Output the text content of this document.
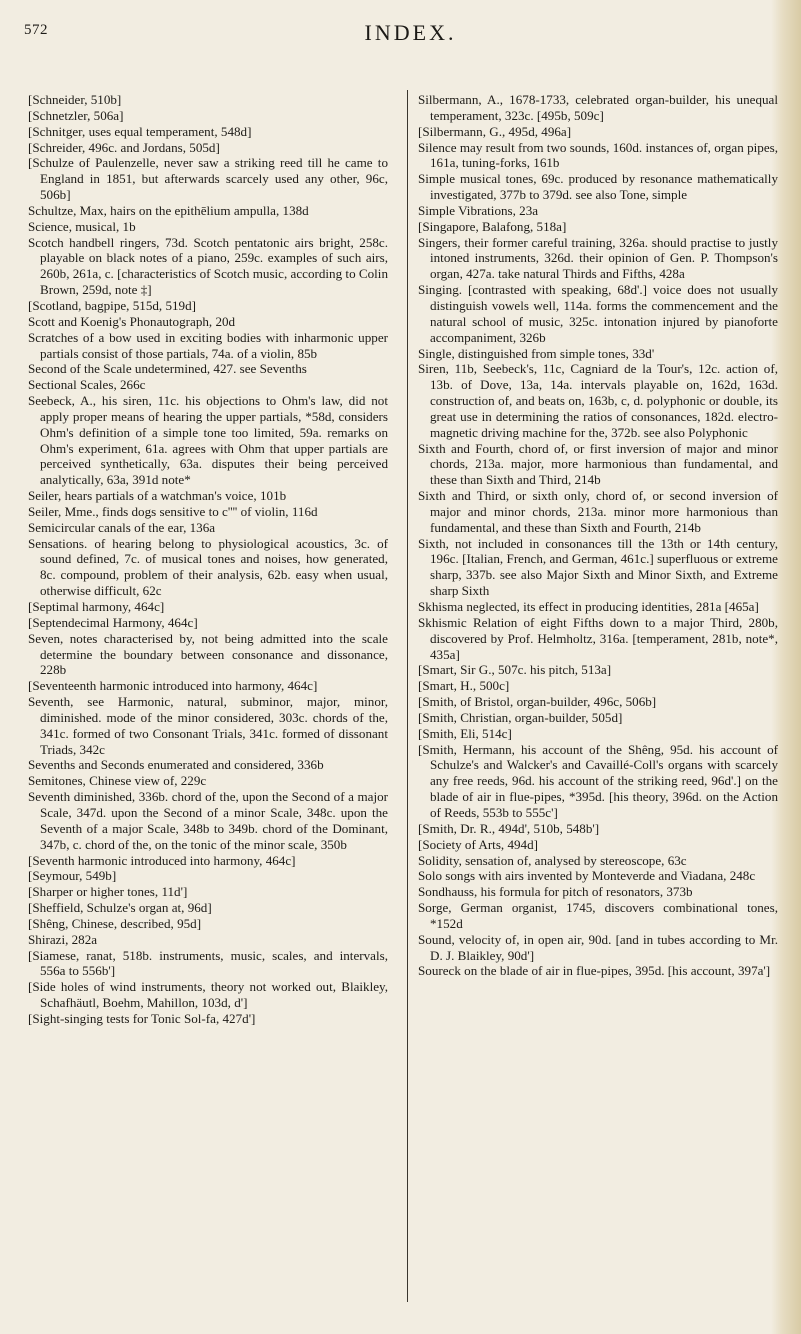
572	INDEX.

[Schneider, 510b]

[Schnetzler, 506a]

[Schnitger, uses equal temperament, 548d]

[Schreider, 496c. and Jordans, 505d]

[Schulze of Paulenzelle, never saw a striking reed till he came to England in 1851, but afterwards scarcely used any other, 96c, 506b]

Schultze, Max, hairs on the epithēlium ampulla, 138d

Science, musical, 1b

Scotch handbell ringers, 73d. Scotch pentatonic airs bright, 258c. playable on black notes of a piano, 259c. examples of such airs, 260b, 261a, c. [characteristics of Scotch music, according to Colin Brown, 259d, note ‡]

[Scotland, bagpipe, 515d, 519d]

Scott and Koenig's Phonautograph, 20d

Scratches of a bow used in exciting bodies with inharmonic upper partials consist of those partials, 74a. of a violin, 85b

Second of the Scale undetermined, 427. see Sevenths

Sectional Scales, 266c

Seebeck, A., his siren, 11c. his objections to Ohm's law, did not apply proper means of hearing the upper partials, *58d, considers Ohm's definition of a simple tone too limited, 59a. remarks on Ohm's experiment, 61a. agrees with Ohm that upper partials are perceived synthetically, 63a. disputes their being perceived analytically, 63a, 391d note*

Seiler, hears partials of a watchman's voice, 101b

Seiler, Mme., finds dogs sensitive to c'''' of violin, 116d

Semicircular canals of the ear, 136a

Sensations. of hearing belong to physiological acoustics, 3c. of sound defined, 7c. of musical tones and noises, how generated, 8c. compound, problem of their analysis, 62b. easy when usual, otherwise difficult, 62c

[Septimal harmony, 464c]

[Septendecimal Harmony, 464c]

Seven, notes characterised by, not being admitted into the scale determine the boundary between consonance and dissonance, 228b

[Seventeenth harmonic introduced into harmony, 464c]

Seventh, see Harmonic, natural, subminor, major, minor, diminished. mode of the minor considered, 303c. chords of the, 341c. formed of two Consonant Trials, 341c. formed of dissonant Triads, 342c

Sevenths and Seconds enumerated and considered, 336b

Semitones, Chinese view of, 229c

Seventh diminished, 336b. chord of the, upon the Second of a major Scale, 347d. upon the Second of a minor Scale, 348c. upon the Seventh of a major Scale, 348b to 349b. chord of the Dominant, 347b, c. chord of the, on the tonic of the minor scale, 350b

[Seventh harmonic introduced into harmony, 464c]

[Seymour, 549b]

[Sharper or higher tones, 11d']

[Sheffield, Schulze's organ at, 96d]

[Shêng, Chinese, described, 95d]

Shirazi, 282a

[Siamese, ranat, 518b. instruments, music, scales, and intervals, 556a to 556b']

[Side holes of wind instruments, theory not worked out, Blaikley, Schafhäutl, Boehm, Mahillon, 103d, d']

[Sight-singing tests for Tonic Sol-fa, 427d']

Silbermann, A., 1678-1733, celebrated organ-builder, his unequal temperament, 323c. [495b, 509c]

[Silbermann, G., 495d, 496a]

Silence may result from two sounds, 160d. instances of, organ pipes, 161a, tuning-forks, 161b

Simple musical tones, 69c. produced by resonance mathematically investigated, 377b to 379d. see also Tone, simple

Simple Vibrations, 23a

[Singapore, Balafong, 518a]

Singers, their former careful training, 326a. should practise to justly intoned instruments, 326d. their opinion of Gen. P. Thompson's organ, 427a. take natural Thirds and Fifths, 428a

Singing. [contrasted with speaking, 68d'.] voice does not usually distinguish vowels well, 114a. forms the commencement and the natural school of music, 325c. intonation injured by pianoforte accompaniment, 326b

Single, distinguished from simple tones, 33d'

Siren, 11b, Seebeck's, 11c, Cagniard de la Tour's, 12c. action of, 13b. of Dove, 13a, 14a. intervals playable on, 162d, 163d. construction of, and beats on, 163b, c, d. polyphonic or double, its great use in determining the ratios of consonances, 182d. electro-magnetic driving machine for the, 372b. see also Polyphonic

Sixth and Fourth, chord of, or first inversion of major and minor chords, 213a. major, more harmonious than fundamental, and these than Sixth and Third, 214b

Sixth and Third, or sixth only, chord of, or second inversion of major and minor chords, 213a. minor more harmonious than fundamental, and these than Sixth and Fourth, 214b

Sixth, not included in consonances till the 13th or 14th century, 196c. [Italian, French, and German, 461c.] superfluous or extreme sharp, 337b. see also Major Sixth and Minor Sixth, and Extreme sharp Sixth

Skhisma neglected, its effect in producing identities, 281a [465a]

Skhismic Relation of eight Fifths down to a major Third, 280b, discovered by Prof. Helmholtz, 316a. [temperament, 281b, note*, 435a]

[Smart, Sir G., 507c. his pitch, 513a]

[Smart, H., 500c]

[Smith, of Bristol, organ-builder, 496c, 506b]

[Smith, Christian, organ-builder, 505d]

[Smith, Eli, 514c]

[Smith, Hermann, his account of the Shêng, 95d. his account of Schulze's and Walcker's and Cavaillé-Coll's organs with scarcely any free reeds, 96d. his account of the striking reed, 96d'.] on the blade of air in flue-pipes, *395d. [his theory, 396d. on the Action of Reeds, 553b to 555c']

[Smith, Dr. R., 494d', 510b, 548b']

[Society of Arts, 494d]

Solidity, sensation of, analysed by stereoscope, 63c

Solo songs with airs invented by Monteverde and Viadana, 248c

Sondhauss, his formula for pitch of resonators, 373b

Sorge, German organist, 1745, discovers combinational tones, *152d

Sound, velocity of, in open air, 90d. [and in tubes according to Mr. D. J. Blaikley, 90d']

Soureck on the blade of air in flue-pipes, 395d. [his account, 397a']
